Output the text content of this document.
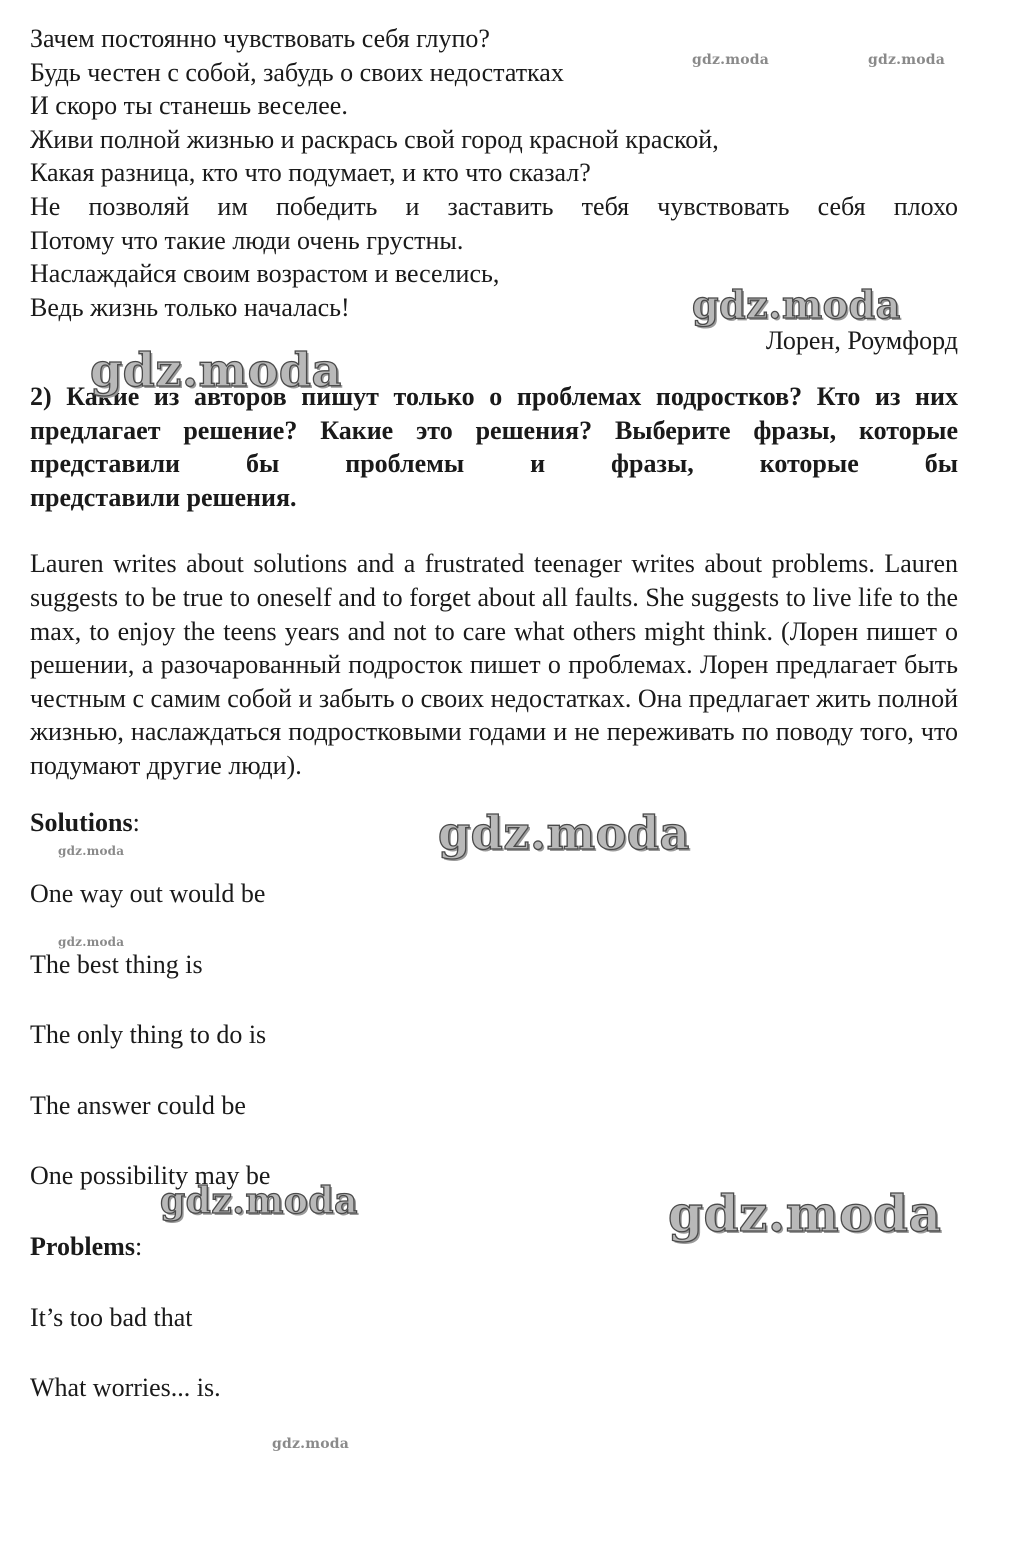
Зачем постоянно чувствовать себя глупо?
Будь честен с собой, забудь о своих недостатках
И скоро ты станешь веселее.
Живи полной жизнью и раскрась свой город красной краской,
Какая разница, кто что подумает, и кто что сказал?
Не позволяй им победить и заставить тебя чувствовать себя плохо
Потому что такие люди очень грустны.
Наслаждайся своим возрастом и веселись,
Ведь жизнь только началась!
Лорен, Роумфорд
2) Какие из авторов пишут только о проблемах подростков? Кто из них предлагает решение? Какие это решения? Выберите фразы, которые представили бы проблемы и фразы, которые бы
представили решения.
Lauren writes about solutions and a frustrated teenager writes about problems. Lauren suggests to be true to oneself and to forget about all faults. She suggests to live life to the max, to enjoy the teens years and not to care what others might think. (Лорен пишет о решении, а разочарованный подросток пишет о проблемах. Лорен предлагает быть честным с самим собой и забыть о своих недостатках. Она предлагает жить полной жизнью, наслаждаться подростковыми годами и не переживать по поводу того, что подумают другие люди).
Solutions:
One way out would be
The best thing is
The only thing to do is
The answer could be
One possibility may be
Problems:
It’s too bad that
What worries... is.
gdz.moda	gdz.moda
gdz.moda
gdz.moda
gdz.moda
gdz.moda
gdz.moda
gdz.moda	gdz.moda
gdz.moda
